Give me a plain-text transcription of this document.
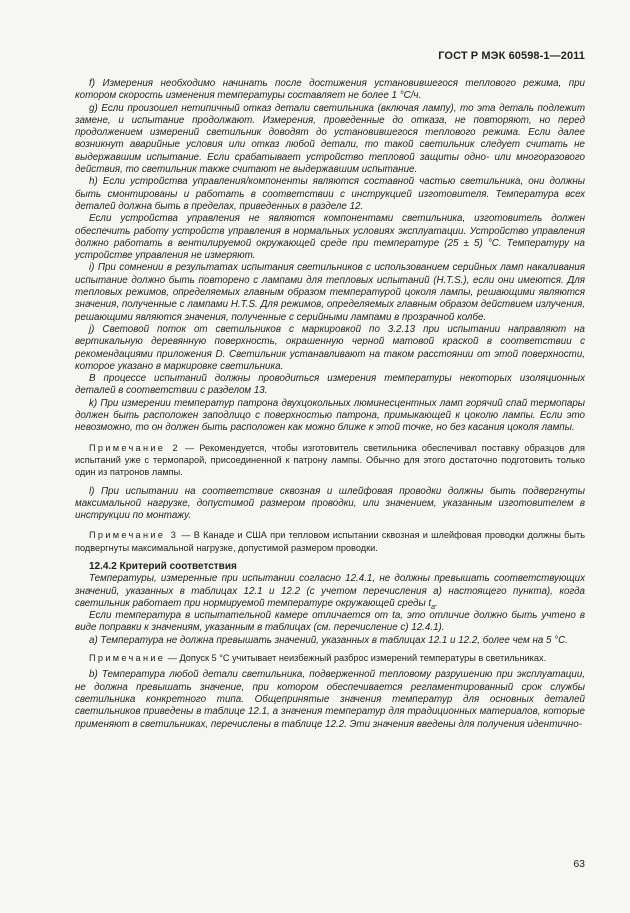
ГОСТ Р МЭК 60598-1—2011

f) Измерения необходимо начинать после достижения установившегося теплового режима, при котором скорость изменения температуры составляет не более 1 °С/ч.

g) Если произошел нетипичный отказ детали светильника (включая лампу), то эта деталь подлежит замене, и испытание продолжают. Измерения, проведенные до отказа, не повторяют, но перед продолжением измерений светильник доводят до установившегося теплового режима. Если далее возникнут аварийные условия или отказ любой детали, то такой светильник следует считать не выдержавшим испытание. Если срабатывает устройство тепловой защиты одно- или многоразового действия, то светильник также считают не выдержавшим испытание.

h) Если устройства управления/компоненты являются составной частью светильника, они должны быть смонтированы и работать в соответствии с инструкцией изготовителя. Температура всех деталей должна быть в пределах, приведенных в разделе 12.

Если устройства управления не являются компонентами светильника, изготовитель должен обеспечить работу устройств управления в нормальных условиях эксплуатации. Устройство управления должно работать в вентилируемой окружающей среде при температуре (25 ± 5) °С. Температуру на устройстве управления не измеряют.

i) При сомнении в результатах испытания светильников с использованием серийных ламп накаливания испытание должно быть повторено с лампами для тепловых испытаний (H.T.S.), если они имеются. Для тепловых режимов, определяемых главным образом температурой цоколя лампы, решающими являются значения, полученные с лампами H.T.S. Для режимов, определяемых главным образом действием излучения, решающими являются значения, полученные с серийными лампами в прозрачной колбе.

j) Световой поток от светильников с маркировкой по 3.2.13 при испытании направляют на вертикальную деревянную поверхность, окрашенную черной матовой краской в соответствии с рекомендациями приложения D. Светильник устанавливают на таком расстоянии от этой поверхности, которое указано в маркировке светильника.

В процессе испытаний должны проводиться измерения температуры некоторых изоляционных деталей в соответствии с разделом 13.

k) При измерении температур патрона двухцокольных люминесцентных ламп горячий спай термопары должен быть расположен заподлицо с поверхностью патрона, примыкающей к цоколю лампы. Если это невозможно, то он должен быть расположен как можно ближе к этой точке, но без касания цоколя лампы.

Примечание 2 — Рекомендуется, чтобы изготовитель светильника обеспечивал поставку образцов для испытаний уже с термопарой, присоединенной к патрону лампы. Обычно для этого достаточно подготовить только один из патронов лампы.

l) При испытании на соответствие сквозная и шлейфовая проводки должны быть подвергнуты максимальной нагрузке, допустимой размером проводки, или значением, указанным изготовителем в инструкции по монтажу.

Примечание 3 — В Канаде и США при тепловом испытании сквозная и шлейфовая проводки должны быть подвергнуты максимальной нагрузке, допустимой размером проводки.

12.4.2 Критерий соответствия

Температуры, измеренные при испытании согласно 12.4.1, не должны превышать соответствующих значений, указанных в таблицах 12.1 и 12.2 (с учетом перечисления а) настоящего пункта), когда светильник работает при нормируемой температуре окружающей среды $t_a$.

Если температура в испытательной камере отличается от ta, это отличие должно быть учтено в виде поправки к значениям, указанным в таблицах (см. перечисление с) 12.4.1).

a) Температура не должна превышать значений, указанных в таблицах 12.1 и 12.2, более чем на 5 °С.

Примечание — Допуск 5 °С учитывает неизбежный разброс измерений температуры в светильниках.

b) Температура любой детали светильника, подверженной тепловому разрушению при эксплуатации, не должна превышать значение, при котором обеспечивается регламентированный срок службы светильника конкретного типа. Общепринятые значения температур для основных деталей светильников приведены в таблице 12.1, а значения температур для традиционных материалов, которые применяют в светильниках, перечислены в таблице 12.2. Эти значения введены для получения идентично-

63
